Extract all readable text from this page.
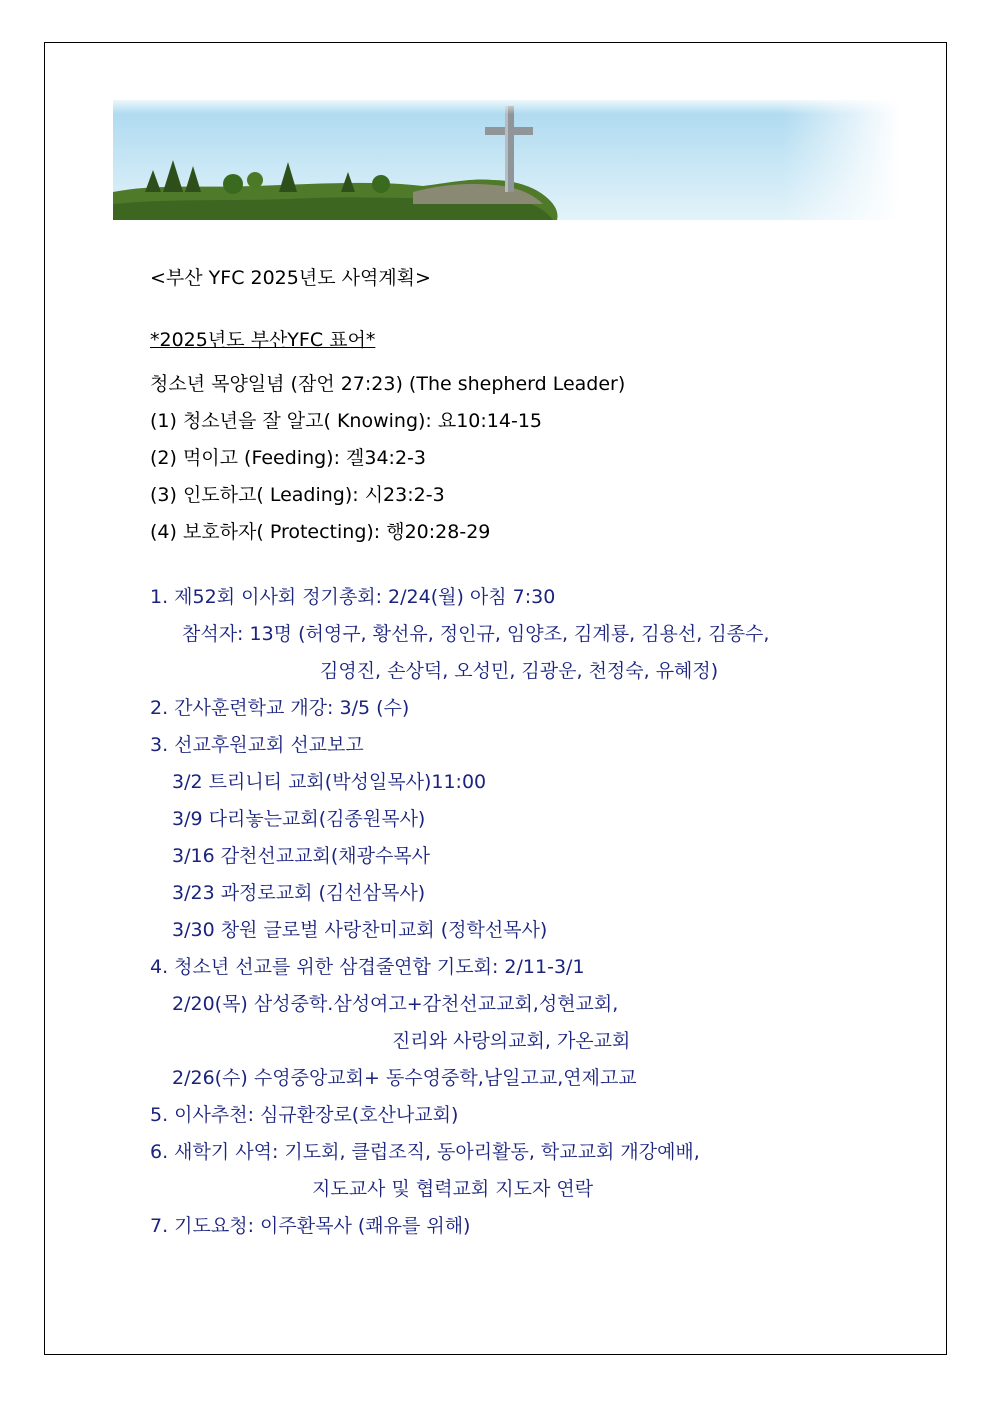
<부산 YFC 2025년도 사역계획>
*2025년도 부산YFC 표어*
청소년 목양일념 (잠언 27:23) (The shepherd Leader)
(1) 청소년을 잘 알고( Knowing): 요10:14-15
(2) 먹이고 (Feeding): 겔34:2-3
(3) 인도하고( Leading): 시23:2-3
(4) 보호하자( Protecting): 행20:28-29
1. 제52회 이사회 정기총회: 2/24(월) 아침 7:30
참석자: 13명 (허영구, 황선유, 정인규, 임양조, 김계룡, 김용선, 김종수,
김영진, 손상덕, 오성민, 김광운, 천정숙, 유혜정)
2. 간사훈련학교 개강: 3/5 (수)
3. 선교후원교회 선교보고
3/2 트리니티 교회(박성일목사)11:00
3/9 다리놓는교회(김종원목사)
3/16 감천선교교회(채광수목사
3/23 과정로교회 (김선삼목사)
3/30 창원 글로벌 사랑찬미교회 (정학선목사)
4. 청소년 선교를 위한 삼겹줄연합 기도회: 2/11-3/1
2/20(목) 삼성중학.삼성여고+감천선교교회,성현교회,
진리와 사랑의교회, 가온교회
2/26(수) 수영중앙교회+ 동수영중학,남일고교,연제고교
5. 이사추천: 심규환장로(호산나교회)
6. 새학기 사역: 기도회, 클럽조직, 동아리활동, 학교교회 개강예배,
지도교사 및 협력교회 지도자 연락
7. 기도요청: 이주환목사 (쾌유를 위해)
